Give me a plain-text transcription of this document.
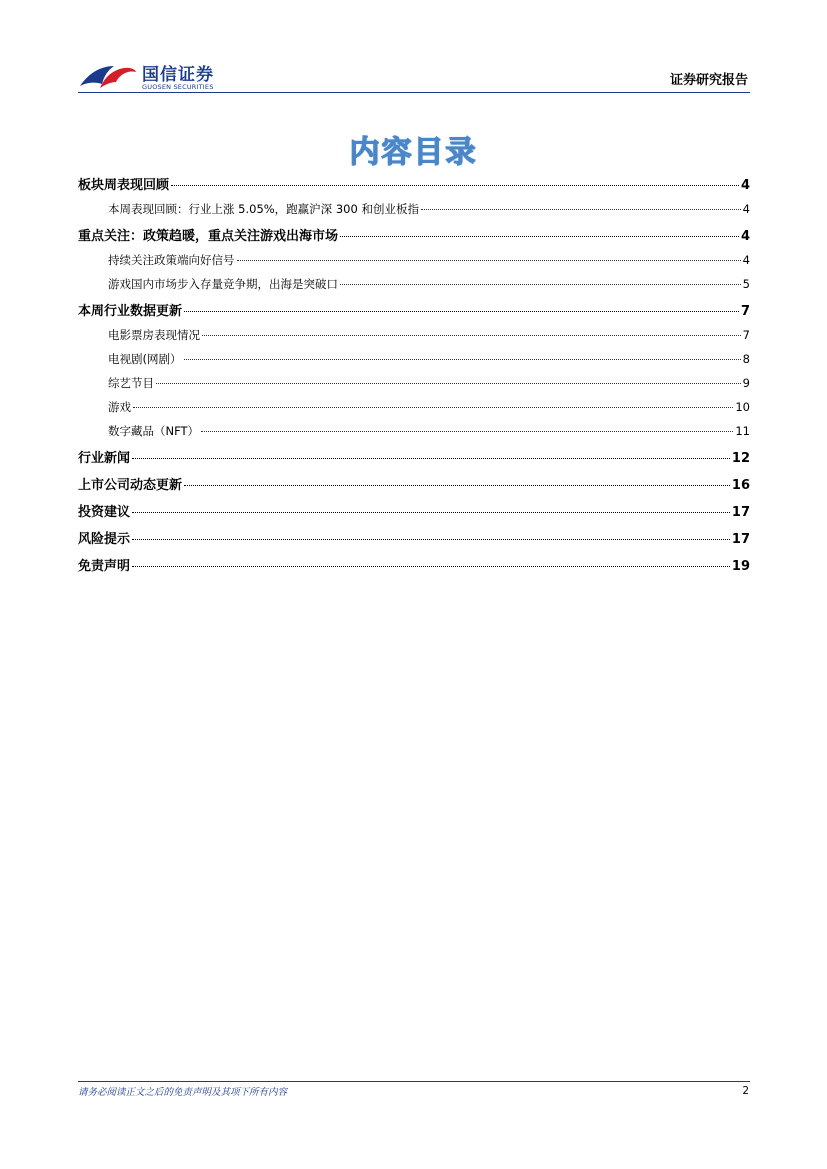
国信证券
GUOSEN SECURITIES	证券研究报告
内容目录
板块周表现回顾	4
本周表现回顾：行业上涨 5.05%，跑赢沪深 300 和创业板指	4
重点关注：政策趋暖，重点关注游戏出海市场	4
持续关注政策端向好信号	4
游戏国内市场步入存量竞争期，出海是突破口	5
本周行业数据更新	7
电影票房表现情况	7
电视剧(网剧）	8
综艺节目	9
游戏	10
数字藏品（NFT）	11
行业新闻	12
上市公司动态更新	16
投资建议	17
风险提示	17
免责声明	19
请务必阅读正文之后的免责声明及其项下所有内容	2
